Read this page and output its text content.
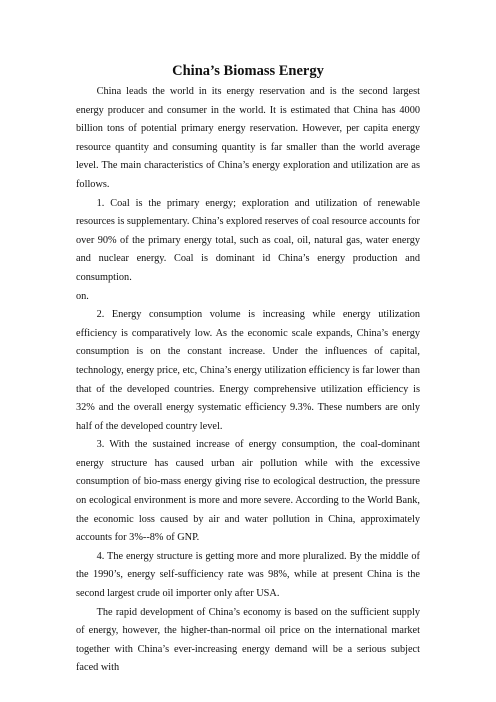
China’s Biomass Energy

China leads the world in its energy reservation and is the second largest energy producer and consumer in the world. It is estimated that China has 4000 billion tons of potential primary energy reservation. However, per capita energy resource quantity and consuming quantity is far smaller than the world average level. The main characteristics of China’s energy exploration and utilization are as follows.

1. Coal is the primary energy; exploration and utilization of renewable resources is supplementary. China’s explored reserves of coal resource accounts for over 90% of the primary energy total, such as coal, oil, natural gas, water energy and nuclear energy. Coal is dominant id China’s energy production and consumption.

on.

2. Energy consumption volume is increasing while energy utilization efficiency is comparatively low. As the economic scale expands, China’s energy consumption is on the constant increase. Under the influences of capital, technology, energy price, etc, China’s energy utilization efficiency is far lower than that of the developed countries. Energy comprehensive utilization efficiency is 32% and the overall energy systematic efficiency 9.3%. These numbers are only half of the developed country level.

3. With the sustained increase of energy consumption, the coal-dominant energy structure has caused urban air pollution while with the excessive consumption of bio-mass energy giving rise to ecological destruction, the pressure on ecological environment is more and more severe. According to the World Bank, the economic loss caused by air and water pollution in China, approximately accounts for 3%--8% of GNP.

4. The energy structure is getting more and more pluralized. By the middle of the 1990’s, energy self-sufficiency rate was 98%, while at present China is the second largest crude oil importer only after USA.

The rapid development of China’s economy is based on the sufficient supply of energy, however, the higher-than-normal oil price on the international market together with China’s ever-increasing energy demand will be a serious subject faced with
